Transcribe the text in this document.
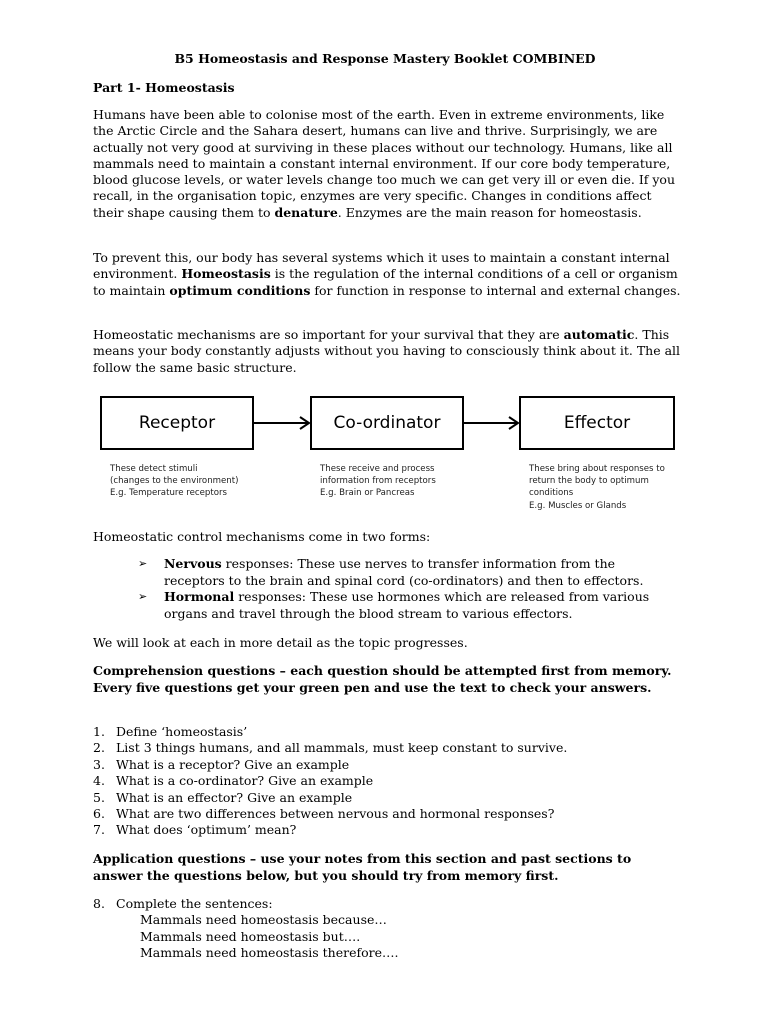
B5 Homeostasis and Response Mastery Booklet COMBINED
Part 1- Homeostasis
Humans have been able to colonise most of the earth. Even in extreme environments, like the Arctic Circle and the Sahara desert, humans can live and thrive. Surprisingly, we are actually not very good at surviving in these places without our technology. Humans, like all mammals need to maintain a constant internal environment. If our core body temperature, blood glucose levels, or water levels change too much we can get very ill or even die. If you recall, in the organisation topic, enzymes are very specific. Changes in conditions affect their shape causing them to denature. Enzymes are the main reason for homeostasis.
To prevent this, our body has several systems which it uses to maintain a constant internal environment. Homeostasis is the regulation of the internal conditions of a cell or organism to maintain optimum conditions for function in response to internal and external changes.
Homeostatic mechanisms are so important for your survival that they are automatic. This means your body constantly adjusts without you having to consciously think about it. The all follow the same basic structure.
Receptor	Co-ordinator	Effector
These detect stimuli
(changes to the environment)
E.g. Temperature receptors
These receive and process
information from receptors
E.g. Brain or Pancreas
These bring about responses to
return the body to optimum
conditions
E.g. Muscles or Glands
Homeostatic control mechanisms come in two forms:
➢ Nervous responses: These use nerves to transfer information from the receptors to the brain and spinal cord (co-ordinators) and then to effectors.
➢ Hormonal responses: These use hormones which are released from various organs and travel through the blood stream to various effectors.
We will look at each in more detail as the topic progresses.
Comprehension questions – each question should be attempted first from memory. Every five questions get your green pen and use the text to check your answers.
1. Define ‘homeostasis’
2. List 3 things humans, and all mammals, must keep constant to survive.
3. What is a receptor? Give an example
4. What is a co-ordinator? Give an example
5. What is an effector? Give an example
6. What are two differences between nervous and hormonal responses?
7. What does ‘optimum’ mean?
Application questions – use your notes from this section and past sections to answer the questions below, but you should try from memory first.
8. Complete the sentences:
Mammals need homeostasis because…
Mammals need homeostasis but….
Mammals need homeostasis therefore….
